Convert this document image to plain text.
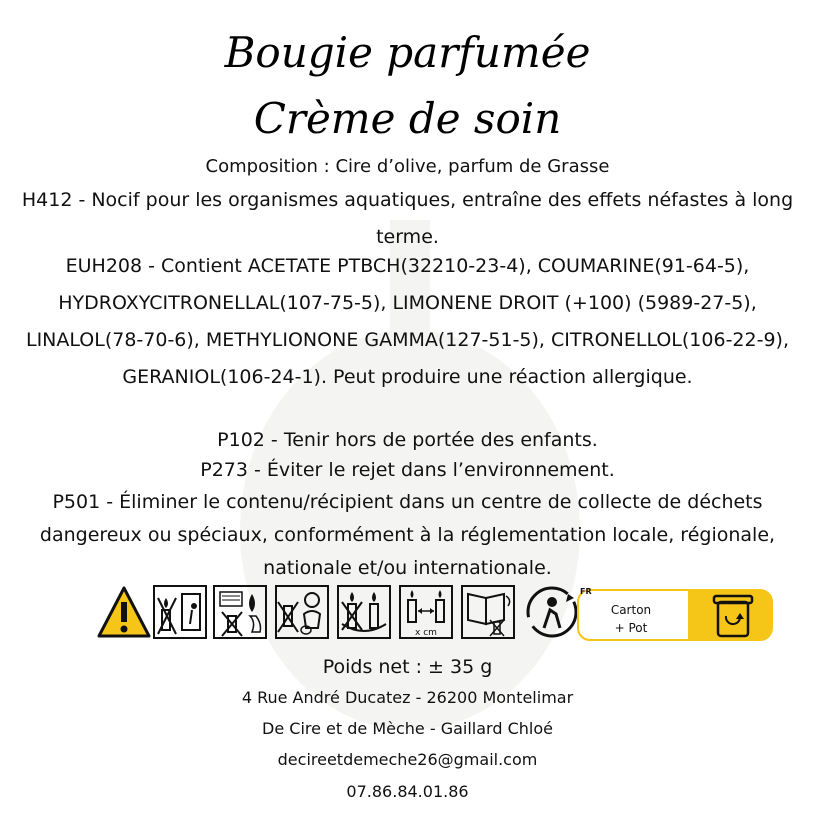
Bougie parfumée
Crème de soin
Composition : Cire d’olive, parfum de Grasse
H412 - Nocif pour les organismes aquatiques, entraîne des effets néfastes à long terme.
EUH208 - Contient ACETATE PTBCH(32210-23-4), COUMARINE(91-64-5), HYDROXYCITRONELLAL(107-75-5), LIMONENE DROIT (+100) (5989-27-5), LINALOL(78-70-6), METHYLIONONE GAMMA(127-51-5), CITRONELLOL(106-22-9), GERANIOL(106-24-1). Peut produire une réaction allergique.
P102 - Tenir hors de portée des enfants.
P273 - Éviter le rejet dans l’environnement.
P501 - Éliminer le contenu/récipient dans un centre de collecte de déchets dangereux ou spéciaux, conformément à la réglementation locale, régionale, nationale et/ou internationale.
x cm
FR
Carton
+ Pot
Poids net : ± 35 g
4 Rue André Ducatez - 26200 Montelimar
De Cire et de Mèche - Gaillard Chloé
decireetdemeche26@gmail.com
07.86.84.01.86
